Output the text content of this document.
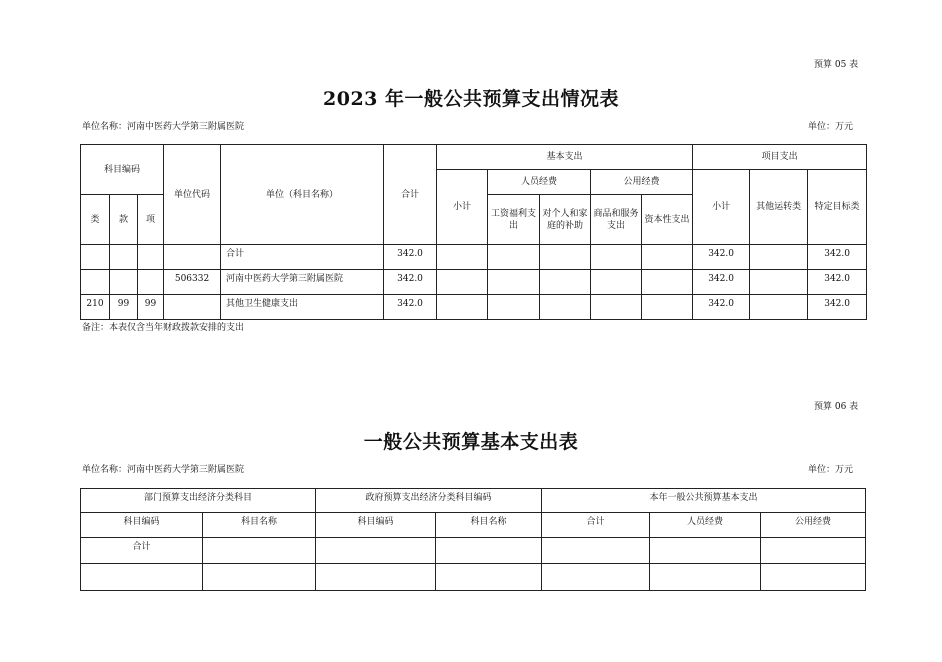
预算 05 表
2023 年一般公共预算支出情况表
单位名称：河南中医药大学第三附属医院	单位：万元
科目编码			单位代码	单位（科目名称）	合计	基本支出					项目支出		
						小计	人员经费		公用经费		小计	其他运转类	特定目标类
类	款	项					工资福利支出	对个人和家庭的补助	商品和服务支出	资本性支出			
				合计	342.0						342.0		342.0
			506332	河南中医药大学第三附属医院	342.0						342.0		342.0
210	99	99		其他卫生健康支出	342.0						342.0		342.0
备注：本表仅含当年财政拨款安排的支出
预算 06 表
一般公共预算基本支出表
单位名称：河南中医药大学第三附属医院	单位：万元
部门预算支出经济分类科目		政府预算支出经济分类科目编码		本年一般公共预算基本支出		
科目编码	科目名称	科目编码	科目名称	合计	人员经费	公用经费
合计						
